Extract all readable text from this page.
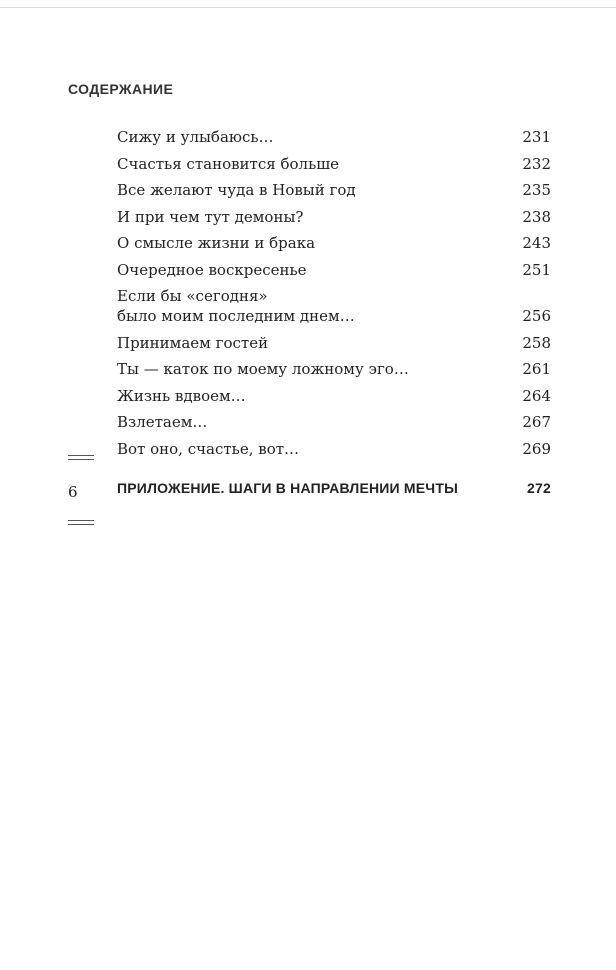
СОДЕРЖАНИЕ
Сижу и улыбаюсь…	231
Счастья становится больше	232
Все желают чуда в Новый год	235
И при чем тут демоны?	238
О смысле жизни и брака	243
Очередное воскресенье	251
Если бы «сегодня»
было моим последним днем…	256
Принимаем гостей	258
Ты — каток по моему ложному эго…	261
Жизнь вдвоем…	264
Взлетаем…	267
Вот оно, счастье, вот…	269
6	ПРИЛОЖЕНИЕ. ШАГИ В НАПРАВЛЕНИИ МЕЧТЫ	272
